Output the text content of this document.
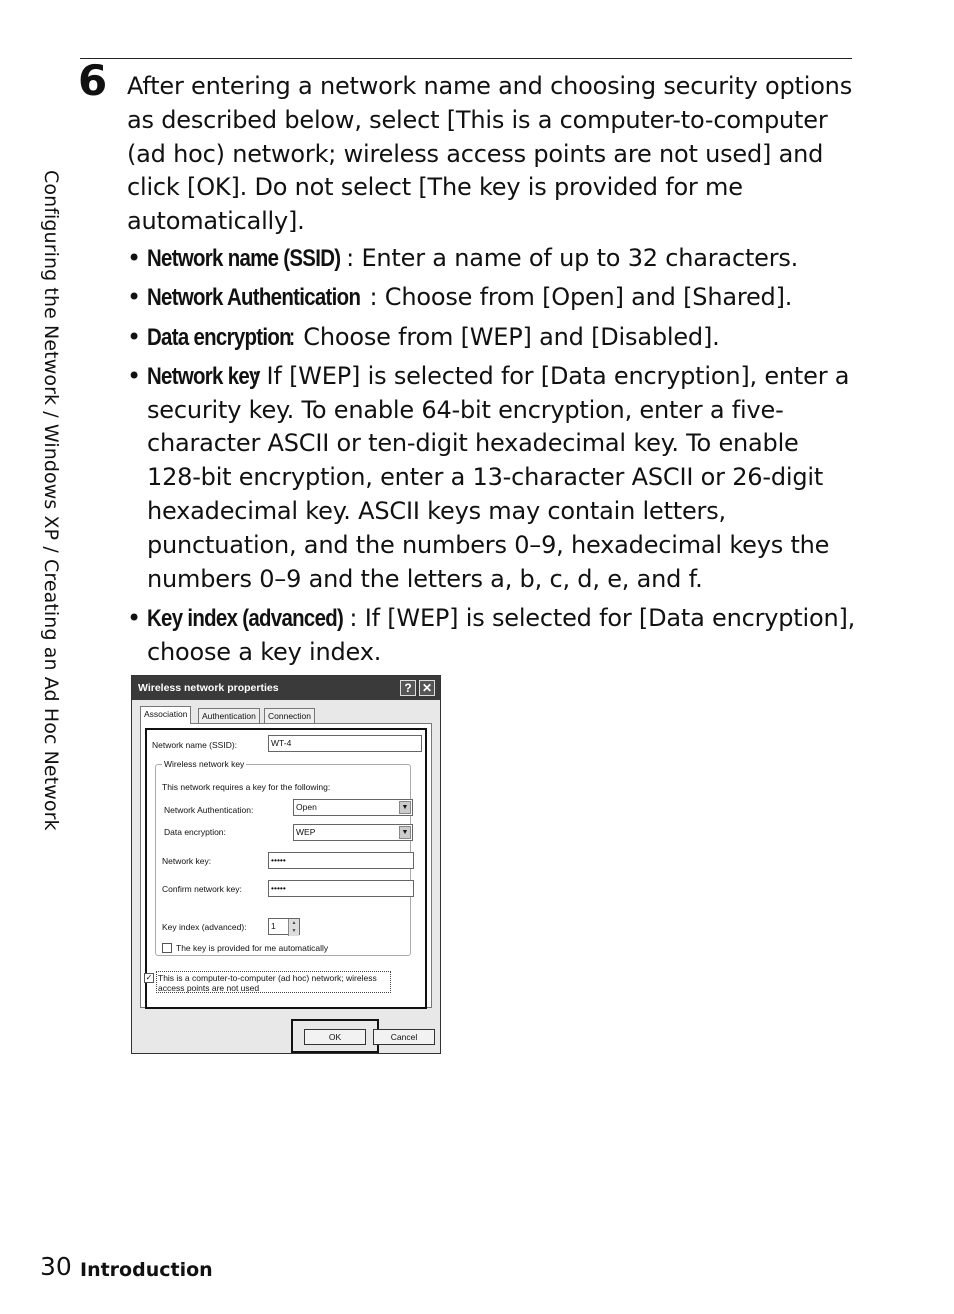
6 After entering a network name and choosing security options as described below, select [This is a computer-to-computer (ad hoc) network; wireless access points are not used] and click [OK]. Do not select [The key is provided for me automatically].

• Network name (SSID) : Enter a name of up to 32 characters.
• Network Authentication : Choose from [Open] and [Shared].
• Data encryption: Choose from [WEP] and [Disabled].
• Network key: If [WEP] is selected for [Data encryption], enter a security key. To enable 64-bit encryption, enter a five-character ASCII or ten-digit hexadecimal key. To enable 128-bit encryption, enter a 13-character ASCII or 26-digit hexadecimal key. ASCII keys may contain letters, punctuation, and the numbers 0–9, hexadecimal keys the numbers 0–9 and the letters a, b, c, d, e, and f.
• Key index (advanced) : If [WEP] is selected for [Data encryption], choose a key index.
Configuring the Network / Windows XP / Creating an Ad Hoc Network	Wireless network properties	? ✕
Association	Authentication	Connection
Network name (SSID):	WT-4
Wireless network key
This network requires a key for the following:
Network Authentication:	Open	▼
Data encryption:	WEP	▼
Network key:	•••••
Confirm network key:	•••••
Key index (advanced):	1	▲
▼
The key is provided for me automatically
✓ This is a computer-to-computer (ad hoc) network; wireless
access points are not used
OK	Cancel
30 Introduction
